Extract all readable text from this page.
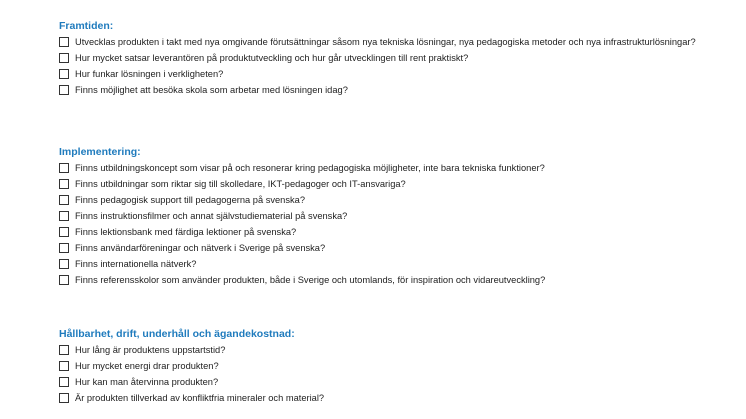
Framtiden:
Utvecklas produkten i takt med nya omgivande förutsättningar såsom nya tekniska lösningar, nya pedagogiska metoder och nya infrastrukturlösningar?
Hur mycket satsar leverantören på produktutveckling och hur går utvecklingen till rent praktiskt?
Hur funkar lösningen i verkligheten?
Finns möjlighet att besöka skola som arbetar med lösningen idag?
Implementering:
Finns utbildningskoncept som visar på och resonerar kring pedagogiska möjligheter, inte bara tekniska funktioner?
Finns utbildningar som riktar sig till skolledare, IKT-pedagoger och IT-ansvariga?
Finns pedagogisk support till pedagogerna på svenska?
Finns instruktionsfilmer och annat självstudiematerial på svenska?
Finns lektionsbank med färdiga lektioner på svenska?
Finns användarföreningar och nätverk i Sverige på svenska?
Finns internationella nätverk?
Finns referensskolor som använder produkten, både i Sverige och utomlands, för inspiration och vidareutveckling?
Hållbarhet, drift, underhåll och ägandekostnad:
Hur lång är produktens uppstartstid?
Hur mycket energi drar produkten?
Hur kan man återvinna produkten?
Är produkten tillverkad av konfliktfria mineraler och material?
